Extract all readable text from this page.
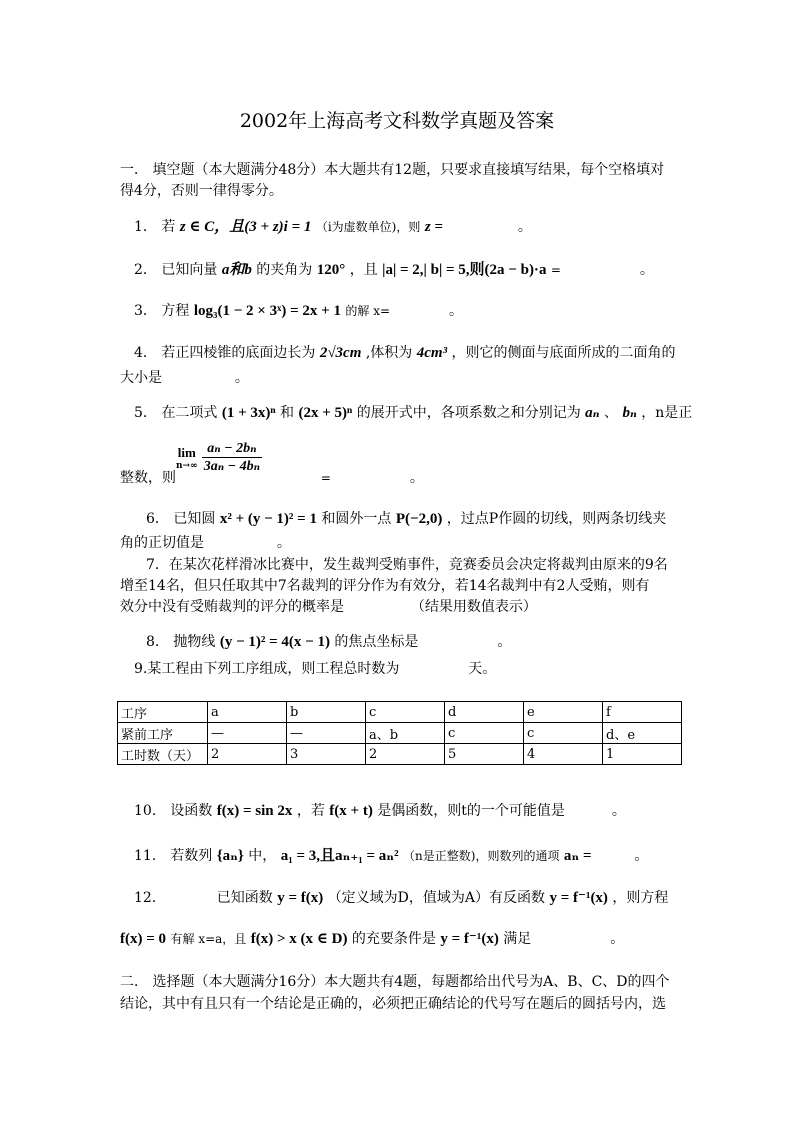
2002年上海高考文科数学真题及答案
一． 填空题（本大题满分48分）本大题共有12题，只要求直接填写结果，每个空格填对
得4分，否则一律得零分。
1． 若 z ∈ C，且(3 + z)i = 1 （i为虚数单位)，则 z =	。
2． 已知向量 a和b 的夹角为 120° ，且 |a| = 2,| b| = 5,则(2a − b)·a =	。
3． 方程 log₃(1 − 2 × 3ˣ) = 2x + 1 的解 x=	。
4． 若正四棱锥的底面边长为 2√3cm ,体积为 4cm³ ，则它的侧面与底面所成的二面角的
大小是	。
5． 在二项式 (1 + 3x)ⁿ 和 (2x + 5)ⁿ 的展开式中，各项系数之和分别记为 aₙ 、 bₙ ，n是正
lim
n→∞
$\frac{\text{aₙ − 2bₙ}}{\text{3aₙ − 4bₙ}}$
整数，则	=	。
6． 已知圆 x² + (y − 1)² = 1 和圆外一点 P(−2,0) ，过点P作圆的切线，则两条切线夹
角的正切值是	。
7．在某次花样滑冰比赛中，发生裁判受贿事件，竞赛委员会决定将裁判由原来的9名
增至14名，但只任取其中7名裁判的评分作为有效分，若14名裁判中有2人受贿，则有
效分中没有受贿裁判的评分的概率是	（结果用数值表示）
8． 抛物线 (y − 1)² = 4(x − 1) 的焦点坐标是	。
9.某工程由下列工序组成，则工程总时数为	天。
工序	a	b	c	d	e	f
紧前工序	—	—	a、b	c	c	d、e
工时数（天）	2	3	2	5	4	1
10． 设函数 f(x) = sin 2x ，若 f(x + t) 是偶函数，则t的一个可能值是	。
11． 若数列 {aₙ} 中， a₁ = 3,且aₙ₊₁ = aₙ² （n是正整数)，则数列的通项 aₙ =	。
12．	已知函数 y = f(x) （定义域为D，值域为A）有反函数 y = f⁻¹(x) ，则方程
f(x) = 0 有解 x=a，且 f(x) > x (x ∈ D) 的充要条件是 y = f⁻¹(x) 满足	。
二． 选择题（本大题满分16分）本大题共有4题，每题都给出代号为A、B、C、D的四个
结论，其中有且只有一个结论是正确的，必须把正确结论的代号写在题后的圆括号内，选
